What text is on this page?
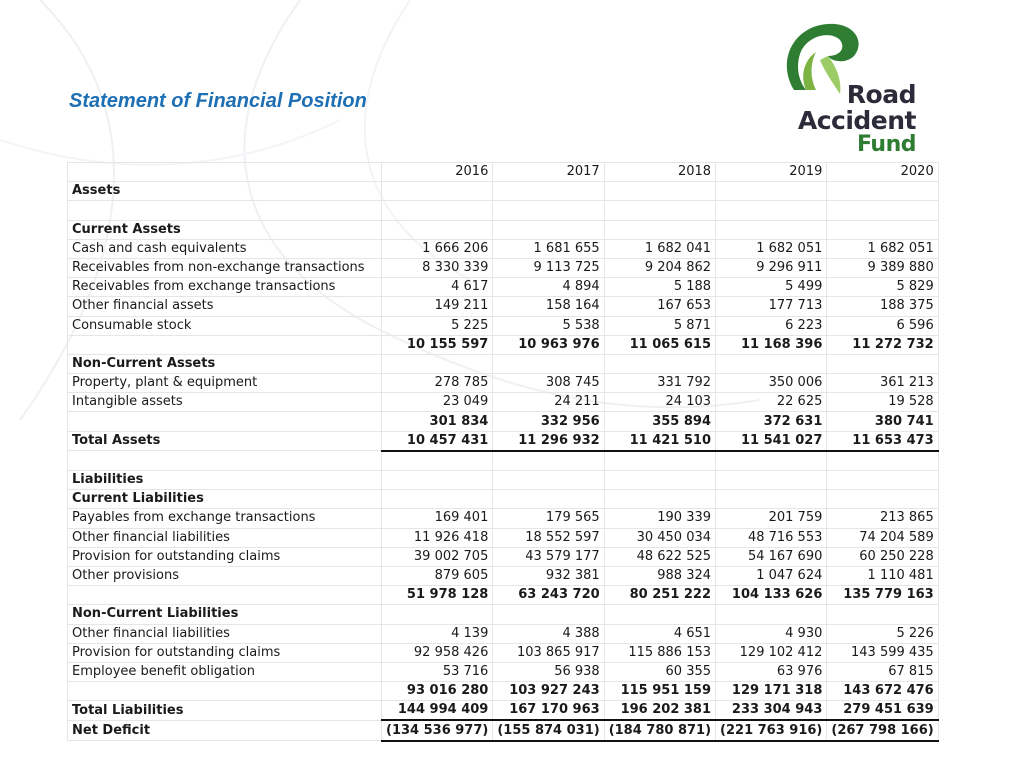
Statement of Financial Position	Road
Accident
Fund
	2016	2017	2018	2019	2020
Assets					

Current Assets					
Cash and cash equivalents	1 666 206	1 681 655	1 682 041	1 682 051	1 682 051
Receivables from non-exchange transactions	8 330 339	9 113 725	9 204 862	9 296 911	9 389 880
Receivables from exchange transactions	4 617	4 894	5 188	5 499	5 829
Other financial assets	149 211	158 164	167 653	177 713	188 375
Consumable stock	5 225	5 538	5 871	6 223	6 596
	10 155 597	10 963 976	11 065 615	11 168 396	11 272 732
Non-Current Assets					
Property, plant & equipment	278 785	308 745	331 792	350 006	361 213
Intangible assets	23 049	24 211	24 103	22 625	19 528
	301 834	332 956	355 894	372 631	380 741
Total Assets	10 457 431	11 296 932	11 421 510	11 541 027	11 653 473

Liabilities					
Current Liabilities					
Payables from exchange transactions	169 401	179 565	190 339	201 759	213 865
Other financial liabilities	11 926 418	18 552 597	30 450 034	48 716 553	74 204 589
Provision for outstanding claims	39 002 705	43 579 177	48 622 525	54 167 690	60 250 228
Other provisions	879 605	932 381	988 324	1 047 624	1 110 481
	51 978 128	63 243 720	80 251 222	104 133 626	135 779 163
Non-Current Liabilities					
Other financial liabilities	4 139	4 388	4 651	4 930	5 226
Provision for outstanding claims	92 958 426	103 865 917	115 886 153	129 102 412	143 599 435
Employee benefit obligation	53 716	56 938	60 355	63 976	67 815
	93 016 280	103 927 243	115 951 159	129 171 318	143 672 476
Total Liabilities	144 994 409	167 170 963	196 202 381	233 304 943	279 451 639
Net Deficit	(134 536 977)	(155 874 031)	(184 780 871)	(221 763 916)	(267 798 166)
